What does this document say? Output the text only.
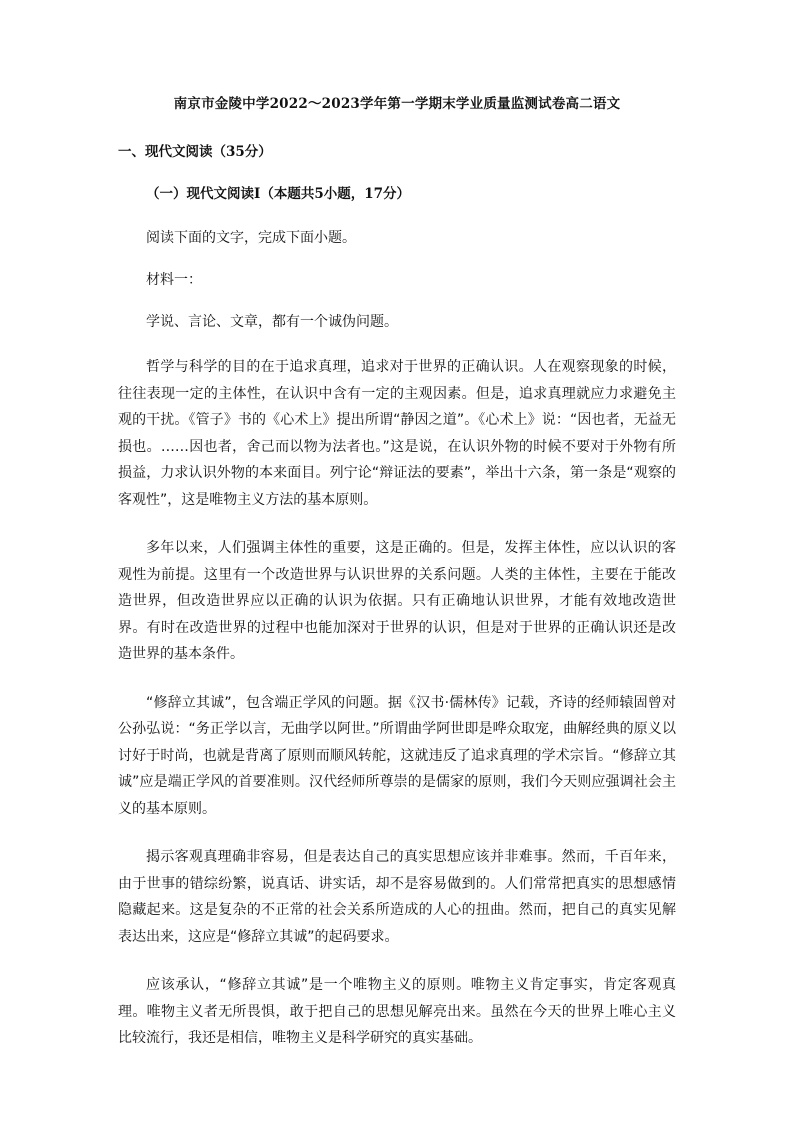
南京市金陵中学2022～2023学年第一学期末学业质量监测试卷高二语文
一、现代文阅读（35分）
（一）现代文阅读Ⅰ（本题共5小题，17分）

阅读下面的文字，完成下面小题。

材料一：

学说、言论、文章，都有一个诚伪问题。

哲学与科学的目的在于追求真理，追求对于世界的正确认识。人在观察现象的时候，往往表现一定的主体性，在认识中含有一定的主观因素。但是，追求真理就应力求避免主观的干扰。《管子》书的《心术上》提出所谓“静因之道”。《心术上》说：“因也者，无益无损也。……因也者，舍己而以物为法者也。”这是说，在认识外物的时候不要对于外物有所损益，力求认识外物的本来面目。列宁论“辩证法的要素”，举出十六条，第一条是“观察的客观性”，这是唯物主义方法的基本原则。

多年以来，人们强调主体性的重要，这是正确的。但是，发挥主体性，应以认识的客观性为前提。这里有一个改造世界与认识世界的关系问题。人类的主体性，主要在于能改造世界，但改造世界应以正确的认识为依据。只有正确地认识世界，才能有效地改造世界。有时在改造世界的过程中也能加深对于世界的认识，但是对于世界的正确认识还是改造世界的基本条件。

“修辞立其诚”，包含端正学风的问题。据《汉书·儒林传》记载，齐诗的经师辕固曾对公孙弘说：“务正学以言，无曲学以阿世。”所谓曲学阿世即是哗众取宠，曲解经典的原义以讨好于时尚，也就是背离了原则而顺风转舵，这就违反了追求真理的学术宗旨。“修辞立其诚”应是端正学风的首要准则。汉代经师所尊崇的是儒家的原则，我们今天则应强调社会主义的基本原则。

揭示客观真理确非容易，但是表达自己的真实思想应该并非难事。然而，千百年来，由于世事的错综纷繁，说真话、讲实话，却不是容易做到的。人们常常把真实的思想感情隐藏起来。这是复杂的不正常的社会关系所造成的人心的扭曲。然而，把自己的真实见解表达出来，这应是“修辞立其诚”的起码要求。

应该承认，“修辞立其诚”是一个唯物主义的原则。唯物主义肯定事实，肯定客观真理。唯物主义者无所畏惧，敢于把自己的思想见解亮出来。虽然在今天的世界上唯心主义比较流行，我还是相信，唯物主义是科学研究的真实基础。
